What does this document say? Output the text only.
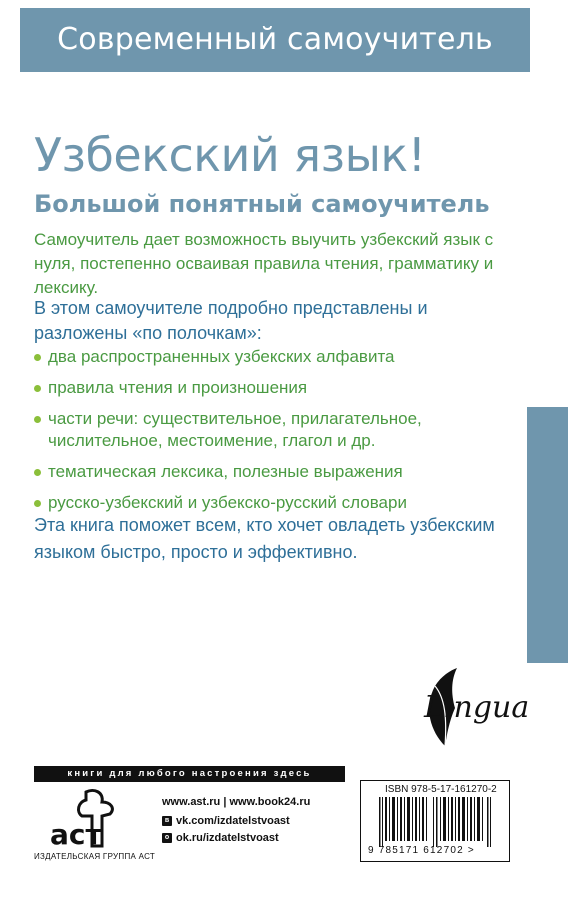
Современный самоучитель
Узбекский язык!
Большой понятный самоучитель

Самоучитель дает возможность выучить узбекский язык с нуля, постепенно осваивая правила чтения, грамматику и лексику.

В этом самоучителе подробно представлены и разложены «по полочкам»:

два распространенных узбекских алфавита
правила чтения и произношения
части речи: существительное, прилагательное, числительное, местоимение, глагол и др.
тематическая лексика, полезные выражения
русско-узбекский и узбекско-русский словари

Эта книга поможет всем, кто хочет овладеть узбекским языком быстро, просто и эффективно.

Lingua
книги для любого настроения здесь
аст
ИЗДАТЕЛЬСКАЯ ГРУППА АСТ
www.ast.ru | www.book24.ru
в vk.com/izdatelstvoast
o ok.ru/izdatelstvoast
ISBN 978-5-17-161270-2
9 785171 612702 >
